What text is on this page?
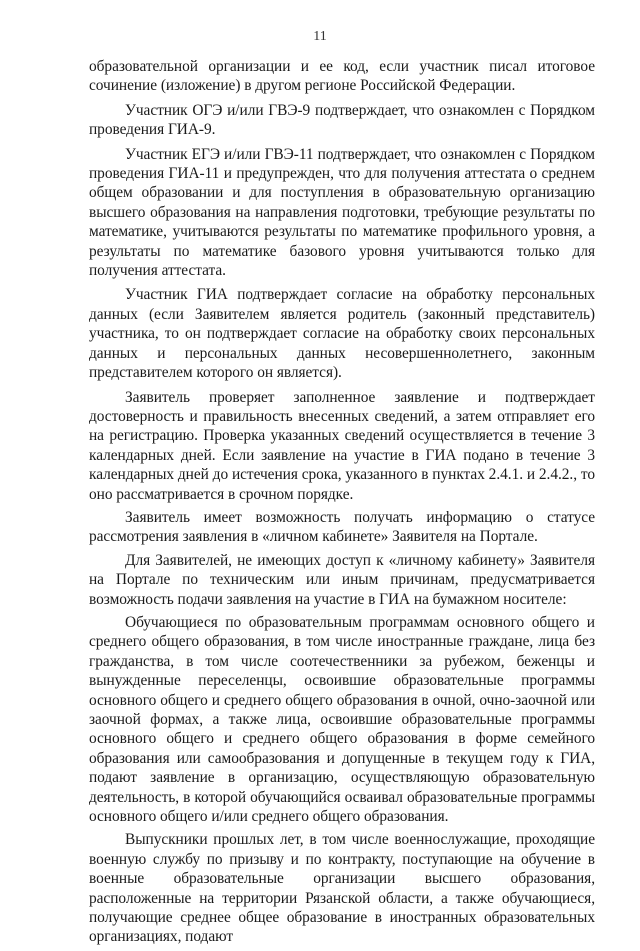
11

образовательной организации и ее код, если участник писал итоговое сочинение (изложение) в другом регионе Российской Федерации.

Участник ОГЭ и/или ГВЭ-9 подтверждает, что ознакомлен с Порядком проведения ГИА-9.

Участник ЕГЭ и/или ГВЭ-11 подтверждает, что ознакомлен с Порядком проведения ГИА-11 и предупрежден, что для получения аттестата о среднем общем образовании и для поступления в образовательную организацию высшего образования на направления подготовки, требующие результаты по математике, учитываются результаты по математике профильного уровня, а результаты по математике базового уровня учитываются только для получения аттестата.

Участник ГИА подтверждает согласие на обработку персональных данных (если Заявителем является родитель (законный представитель) участника, то он подтверждает согласие на обработку своих персональных данных и персональных данных несовершеннолетнего, законным представителем которого он является).

Заявитель проверяет заполненное заявление и подтверждает достоверность и правильность внесенных сведений, а затем отправляет его на регистрацию. Проверка указанных сведений осуществляется в течение 3 календарных дней. Если заявление на участие в ГИА подано в течение 3 календарных дней до истечения срока, указанного в пунктах 2.4.1. и 2.4.2., то оно рассматривается в срочном порядке.

Заявитель имеет возможность получать информацию о статусе рассмотрения заявления в «личном кабинете» Заявителя на Портале.

Для Заявителей, не имеющих доступ к «личному кабинету» Заявителя на Портале по техническим или иным причинам, предусматривается возможность подачи заявления на участие в ГИА на бумажном носителе:

Обучающиеся по образовательным программам основного общего и среднего общего образования, в том числе иностранные граждане, лица без гражданства, в том числе соотечественники за рубежом, беженцы и вынужденные переселенцы, освоившие образовательные программы основного общего и среднего общего образования в очной, очно-заочной или заочной формах, а также лица, освоившие образовательные программы основного общего и среднего общего образования в форме семейного образования или самообразования и допущенные в текущем году к ГИА, подают заявление в организацию, осуществляющую образовательную деятельность, в которой обучающийся осваивал образовательные программы основного общего и/или среднего общего образования.

Выпускники прошлых лет, в том числе военнослужащие, проходящие военную службу по призыву и по контракту, поступающие на обучение в военные образовательные организации высшего образования, расположенные на территории Рязанской области, а также обучающиеся, получающие среднее общее образование в иностранных образовательных организациях, подают
